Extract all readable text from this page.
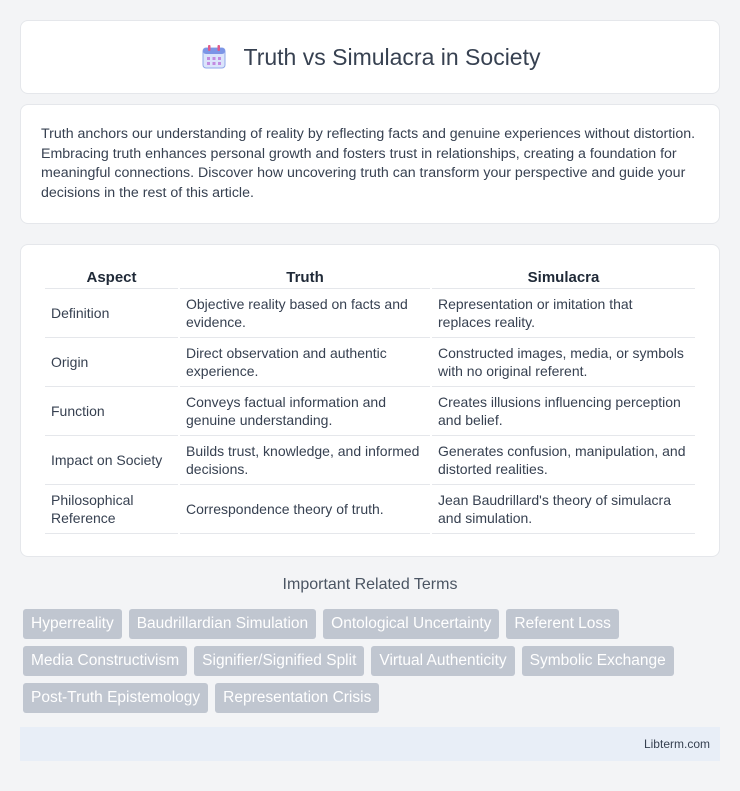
Truth vs Simulacra in Society

Truth anchors our understanding of reality by reflecting facts and genuine experiences without distortion. Embracing truth enhances personal growth and fosters trust in relationships, creating a foundation for meaningful connections. Discover how uncovering truth can transform your perspective and guide your decisions in the rest of this article.

Aspect	Truth	Simulacra
Definition	Objective reality based on facts and evidence.	Representation or imitation that replaces reality.
Origin	Direct observation and authentic experience.	Constructed images, media, or symbols with no original referent.
Function	Conveys factual information and genuine understanding.	Creates illusions influencing perception and belief.
Impact on Society	Builds trust, knowledge, and informed decisions.	Generates confusion, manipulation, and distorted realities.
Philosophical Reference	Correspondence theory of truth.	Jean Baudrillard's theory of simulacra and simulation.
Important Related Terms
Hyperreality	Baudrillardian Simulation	Ontological Uncertainty	Referent Loss
Media Constructivism	Signifier/Signified Split	Virtual Authenticity	Symbolic Exchange
Post-Truth Epistemology	Representation Crisis
Libterm.com
